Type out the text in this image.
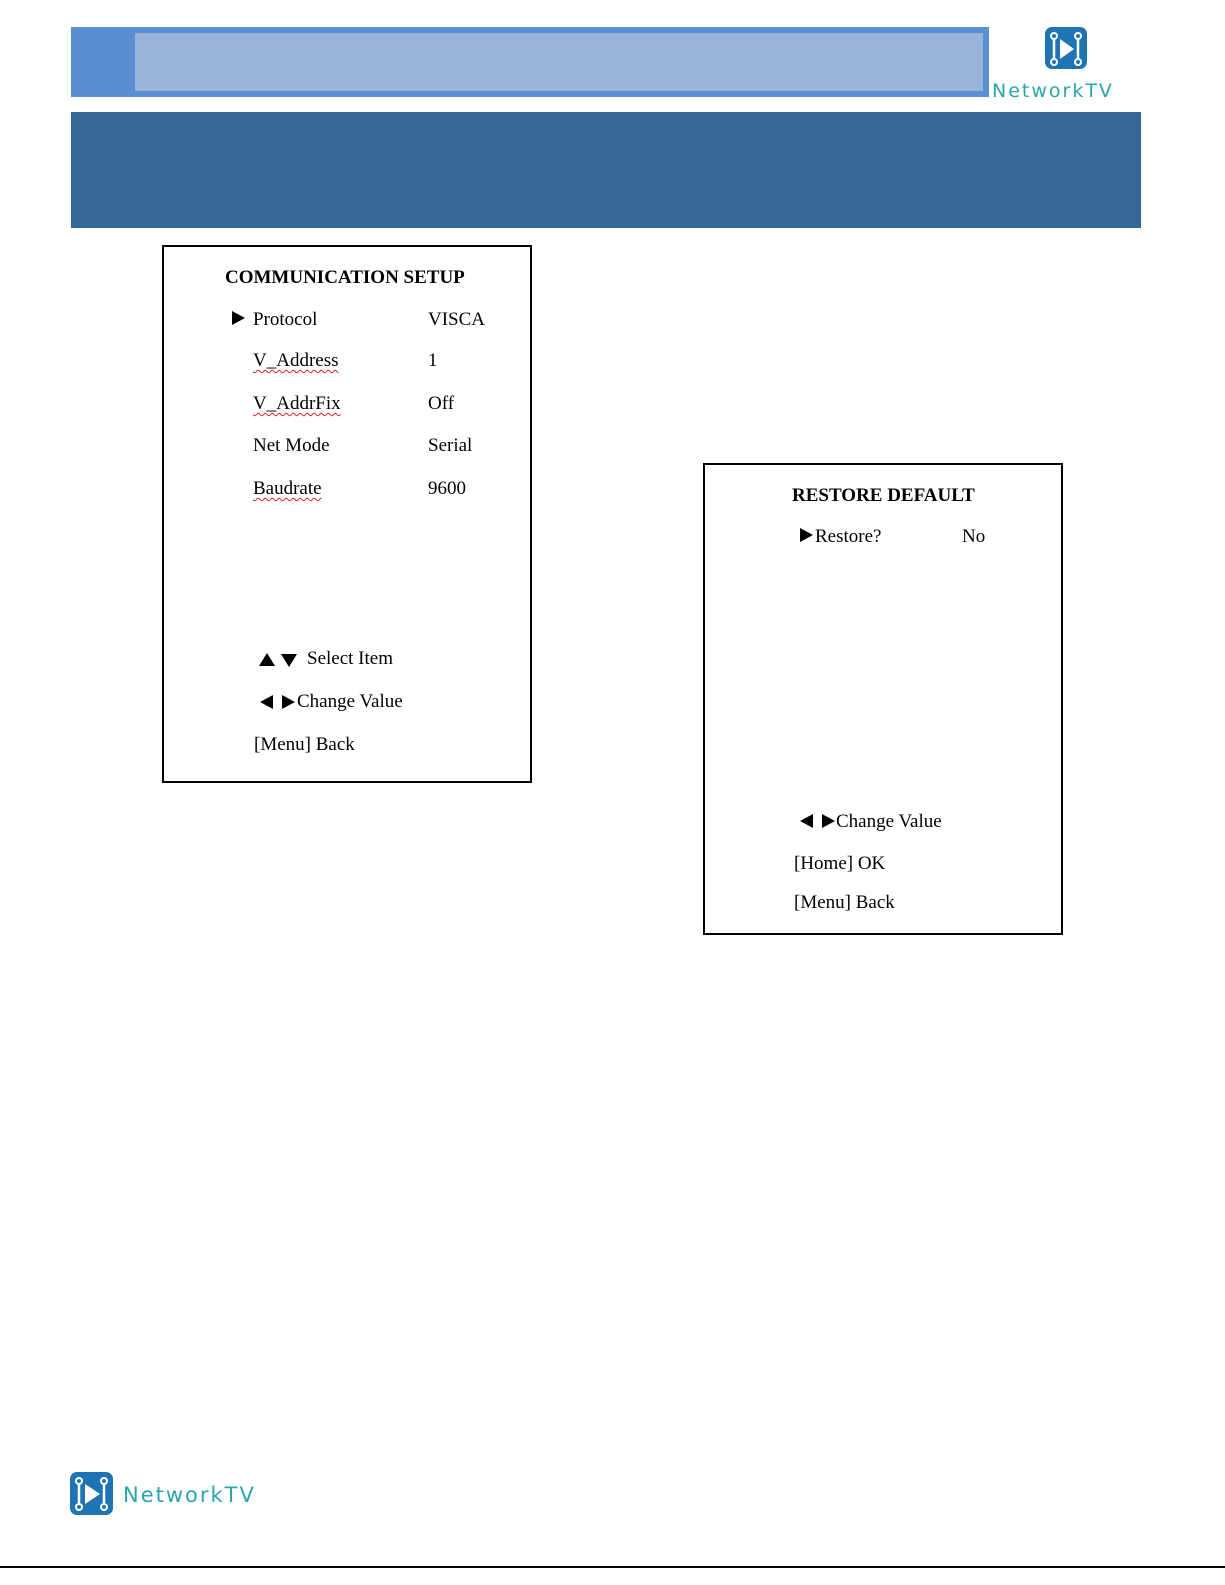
NetworkTV
COMMUNICATION SETUP
Protocol	VISCA
V_Address	1
V_AddrFix	Off
Net Mode	Serial
Baudrate	9600
Select Item
Change Value
[Menu] Back
RESTORE DEFAULT
Restore?	No
Change Value
[Home] OK
[Menu] Back
NetworkTV
